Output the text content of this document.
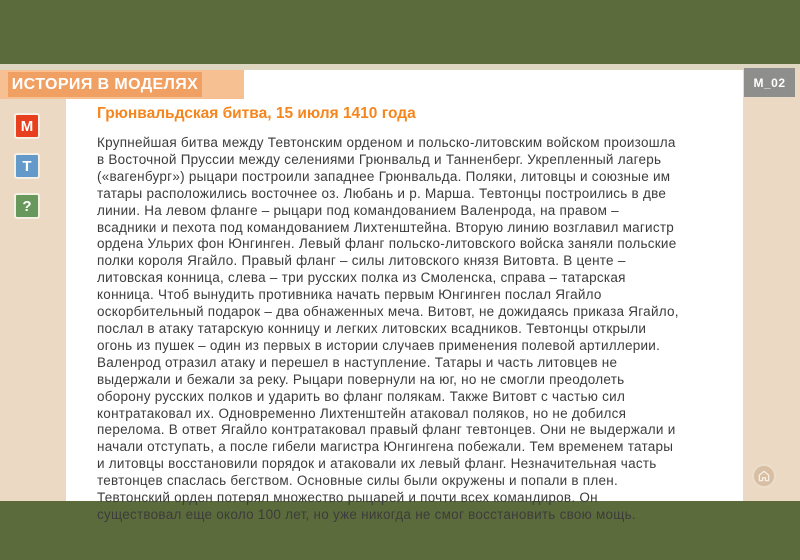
М
Т
?
Грюнвальдская битва, 15 июля 1410 года

Крупнейшая битва между Тевтонским орденом и польско-литовским войском произошла в Восточной Пруссии между селениями Грюнвальд и Танненберг. Укрепленный лагерь («вагенбург») рыцари построили западнее Грюнвальда. Поляки, литовцы и союзные им татары расположились восточнее оз. Любань и р. Марша. Тевтонцы построились в две линии. На левом фланге – рыцари под командованием Валенрода, на правом – всадники и пехота под командованием Лихтенштейна. Вторую линию возглавил магистр ордена Ульрих фон Юнгинген. Левый фланг польско-литовского войска заняли польские полки короля Ягайло. Правый фланг – силы литовского князя Витовта. В центе – литовская конница, слева – три русских полка из Смоленска, справа – татарская конница. Чтоб вынудить противника начать первым Юнгинген послал Ягайло оскорбительный подарок – два обнаженных меча. Витовт, не дожидаясь приказа Ягайло, послал в атаку татарскую конницу и легких литовских всадников. Тевтонцы открыли огонь из пушек – один из первых в истории случаев применения полевой артиллерии. Валенрод отразил атаку и перешел в наступление. Татары и часть литовцев не выдержали и бежали за реку. Рыцари повернули на юг, но не смогли преодолеть оборону русских полков и ударить во фланг полякам. Также Витовт с частью сил контратаковал их. Одновременно Лихтенштейн атаковал поляков, но не добился перелома. В ответ Ягайло контратаковал правый фланг тевтонцев. Они не выдержали и начали отступать, а после гибели магистра Юнгингена побежали. Тем временем татары и литовцы восстановили порядок и атаковали их левый фланг. Незначительная часть тевтонцев спаслась бегством. Основные силы были окружены и попали в плен.

Тевтонский орден потерял множество рыцарей и почти всех командиров. Он существовал еще около 100 лет, но уже никогда не смог восстановить свою мощь.

ИСТОРИЯ В МОДЕЛЯХ	M_02
